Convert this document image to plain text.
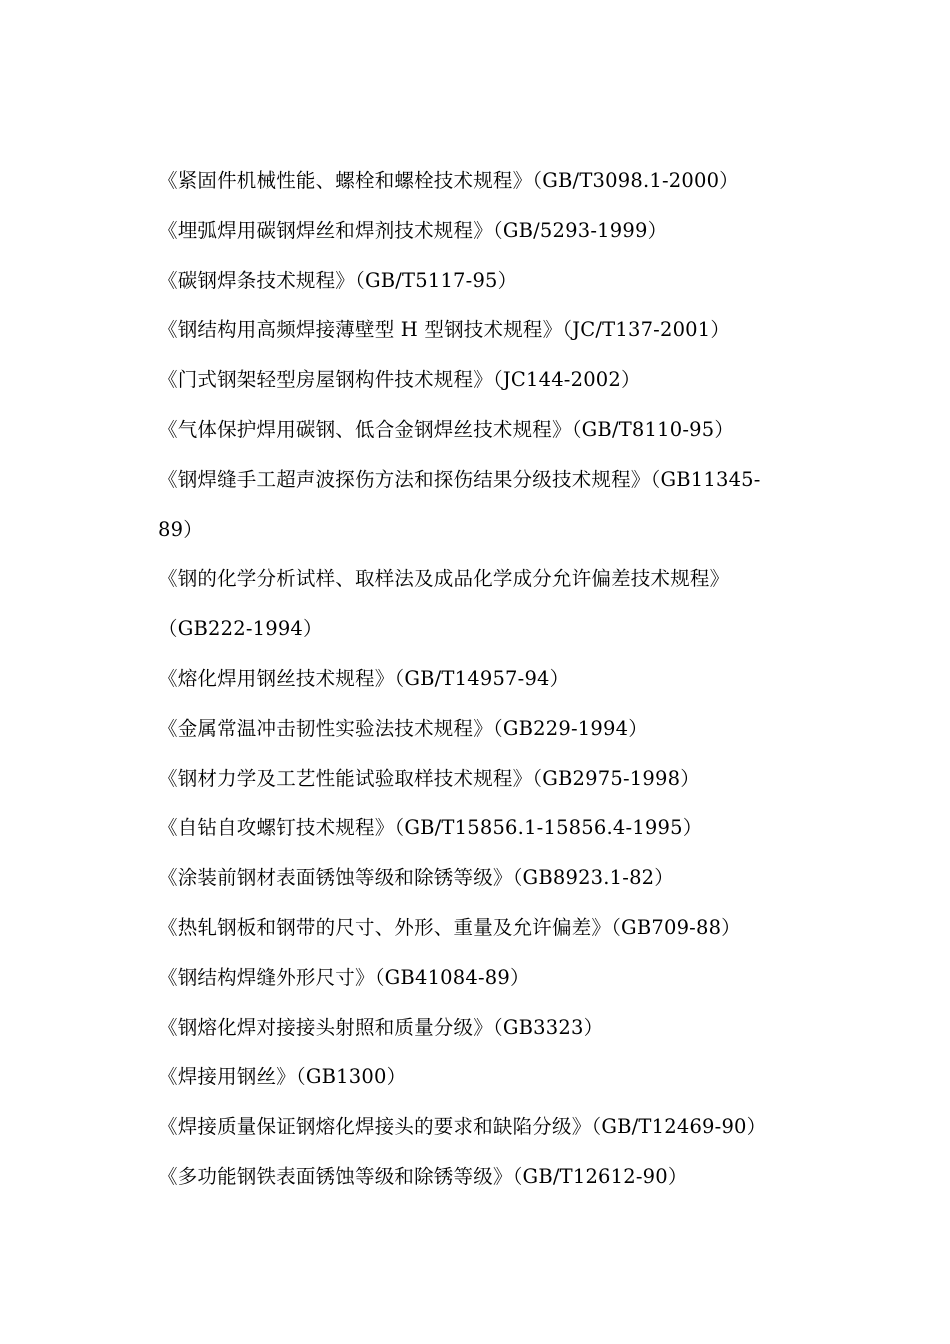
《紧固件机械性能、螺栓和螺栓技术规程》（GB/T3098.1-2000）
《埋弧焊用碳钢焊丝和焊剂技术规程》（GB/5293-1999）
《碳钢焊条技术规程》（GB/T5117-95）
《钢结构用高频焊接薄壁型 H 型钢技术规程》（JC/T137-2001）
《门式钢架轻型房屋钢构件技术规程》（JC144-2002）
《气体保护焊用碳钢、低合金钢焊丝技术规程》（GB/T8110-95）
《钢焊缝手工超声波探伤方法和探伤结果分级技术规程》（GB11345-
89）
《钢的化学分析试样、取样法及成品化学成分允许偏差技术规程》
（GB222-1994）
《熔化焊用钢丝技术规程》（GB/T14957-94）
《金属常温冲击韧性实验法技术规程》（GB229-1994）
《钢材力学及工艺性能试验取样技术规程》（GB2975-1998）
《自钻自攻螺钉技术规程》（GB/T15856.1-15856.4-1995）
《涂装前钢材表面锈蚀等级和除锈等级》（GB8923.1-82）
《热轧钢板和钢带的尺寸、外形、重量及允许偏差》（GB709-88）
《钢结构焊缝外形尺寸》（GB41084-89）
《钢熔化焊对接接头射照和质量分级》（GB3323）
《焊接用钢丝》（GB1300）
《焊接质量保证钢熔化焊接头的要求和缺陷分级》（GB/T12469-90）
《多功能钢铁表面锈蚀等级和除锈等级》（GB/T12612-90）
